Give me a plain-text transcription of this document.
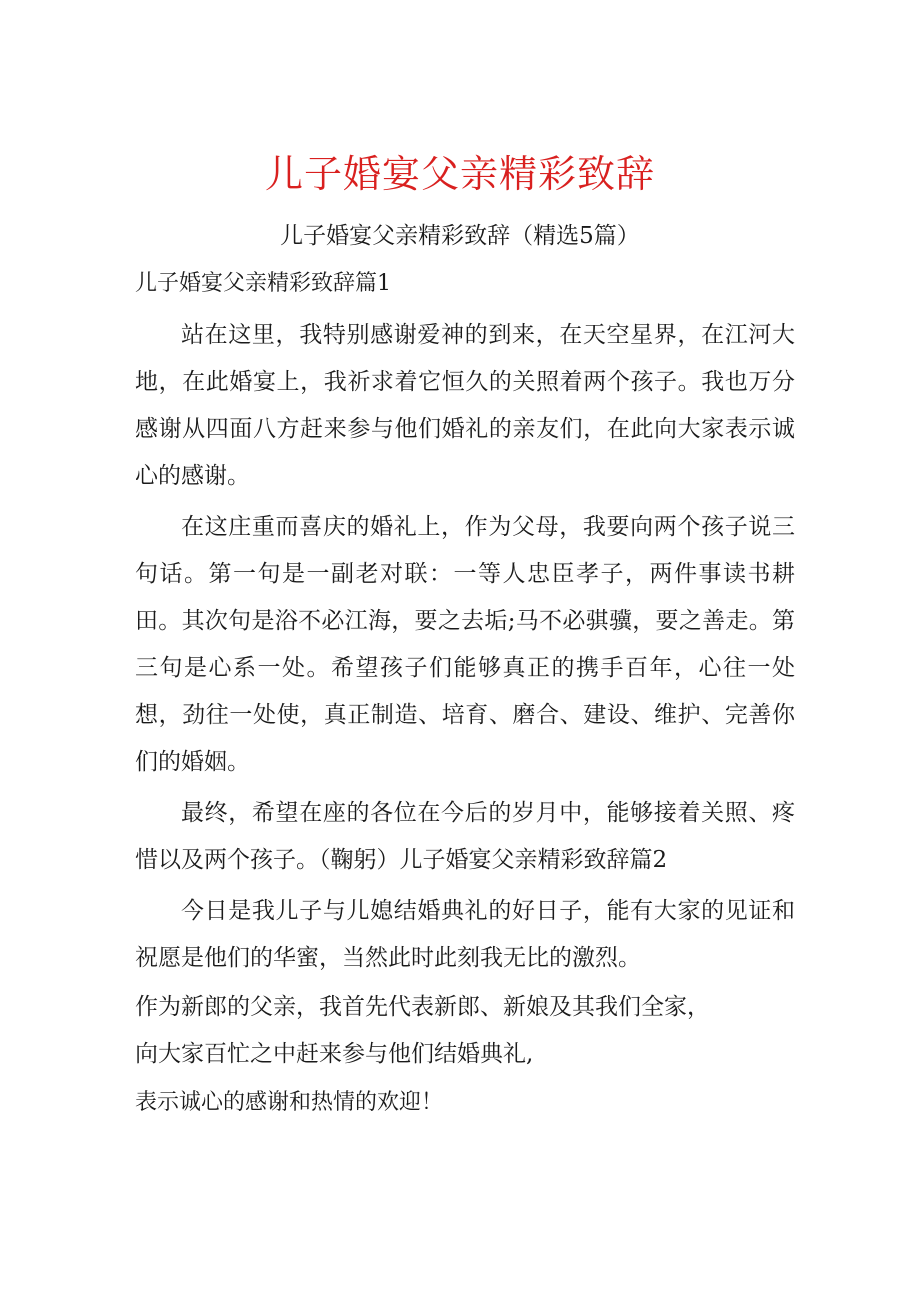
儿子婚宴父亲精彩致辞

儿子婚宴父亲精彩致辞（精选5篇）

儿子婚宴父亲精彩致辞篇1

站在这里，我特别感谢爱神的到来，在天空星界，在江河大地，在此婚宴上，我祈求着它恒久的关照着两个孩子。我也万分感谢从四面八方赶来参与他们婚礼的亲友们，在此向大家表示诚心的感谢。

在这庄重而喜庆的婚礼上，作为父母，我要向两个孩子说三句话。第一句是一副老对联：一等人忠臣孝子，两件事读书耕田。其次句是浴不必江海，要之去垢;马不必骐骥，要之善走。第三句是心系一处。希望孩子们能够真正的携手百年，心往一处想，劲往一处使，真正制造、培育、磨合、建设、维护、完善你们的婚姻。

最终，希望在座的各位在今后的岁月中，能够接着关照、疼惜以及两个孩子。（鞠躬）儿子婚宴父亲精彩致辞篇2

今日是我儿子与儿媳结婚典礼的好日子，能有大家的见证和祝愿是他们的华蜜，当然此时此刻我无比的激烈。

作为新郎的父亲，我首先代表新郎、新娘及其我们全家，

向大家百忙之中赶来参与他们结婚典礼,

表示诚心的感谢和热情的欢迎！
